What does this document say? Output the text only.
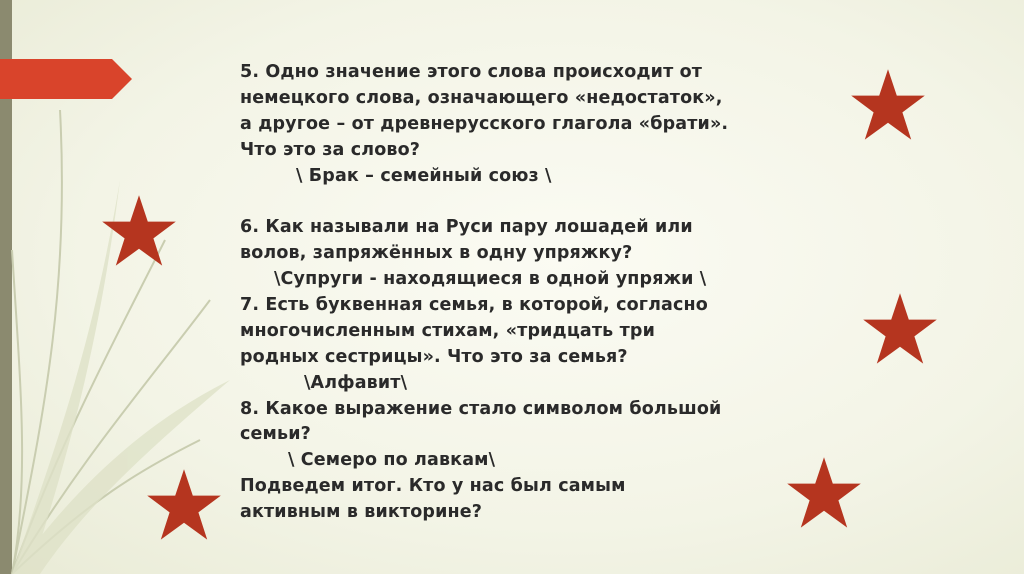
5. Одно значение этого слова происходит от
немецкого слова, означающего «недостаток»,
а другое – от древнерусского глагола «брати».
Что это за слово?
\ Брак – семейный союз \
6. Как называли на Руси пару лошадей или
волов, запряжённых в одну упряжку?
\Супруги - находящиеся в одной упряжи \
7. Есть буквенная семья, в которой, согласно
многочисленным стихам, «тридцать три
родных сестрицы». Что это за семья?
\Алфавит\
8. Какое выражение стало символом большой
семьи?
\ Семеро по лавкам\
Подведем итог. Кто у нас был самым
активным в викторине?
